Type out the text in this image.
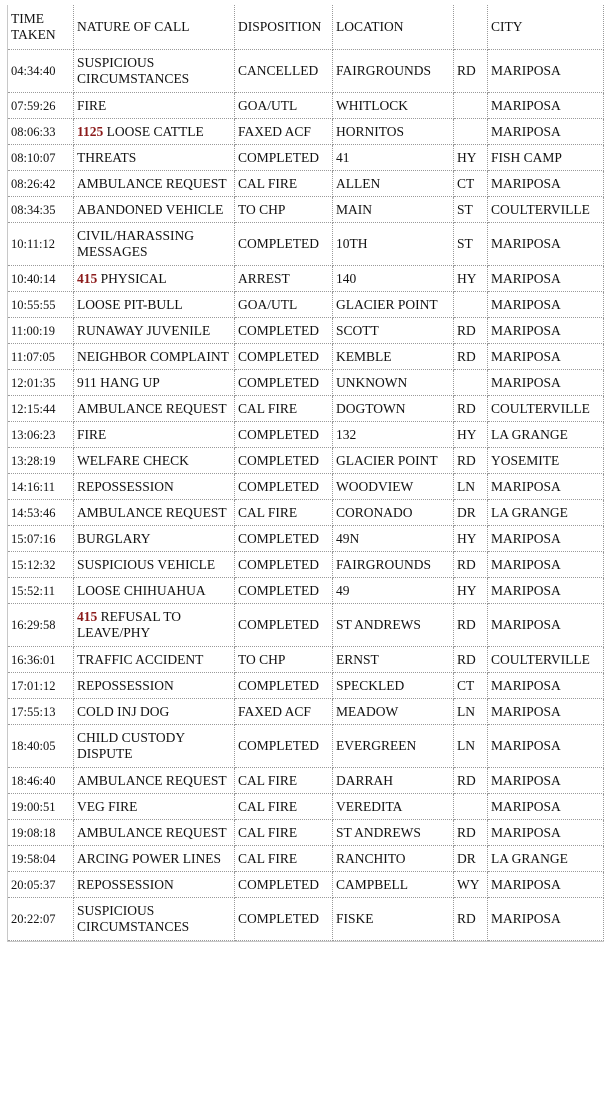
TIME TAKEN	NATURE OF CALL	DISPOSITION	LOCATION		CITY
04:34:40	SUSPICIOUS CIRCUMSTANCES	CANCELLED	FAIRGROUNDS	RD	MARIPOSA
07:59:26	FIRE	GOA/UTL	WHITLOCK		MARIPOSA
08:06:33	1125 LOOSE CATTLE	FAXED ACF	HORNITOS		MARIPOSA
08:10:07	THREATS	COMPLETED	41	HY	FISH CAMP
08:26:42	AMBULANCE REQUEST	CAL FIRE	ALLEN	CT	MARIPOSA
08:34:35	ABANDONED VEHICLE	TO CHP	MAIN	ST	COULTERVILLE
10:11:12	CIVIL/HARASSING MESSAGES	COMPLETED	10TH	ST	MARIPOSA
10:40:14	415 PHYSICAL	ARREST	140	HY	MARIPOSA
10:55:55	LOOSE PIT-BULL	GOA/UTL	GLACIER POINT		MARIPOSA
11:00:19	RUNAWAY JUVENILE	COMPLETED	SCOTT	RD	MARIPOSA
11:07:05	NEIGHBOR COMPLAINT	COMPLETED	KEMBLE	RD	MARIPOSA
12:01:35	911 HANG UP	COMPLETED	UNKNOWN		MARIPOSA
12:15:44	AMBULANCE REQUEST	CAL FIRE	DOGTOWN	RD	COULTERVILLE
13:06:23	FIRE	COMPLETED	132	HY	LA GRANGE
13:28:19	WELFARE CHECK	COMPLETED	GLACIER POINT	RD	YOSEMITE
14:16:11	REPOSSESSION	COMPLETED	WOODVIEW	LN	MARIPOSA
14:53:46	AMBULANCE REQUEST	CAL FIRE	CORONADO	DR	LA GRANGE
15:07:16	BURGLARY	COMPLETED	49N	HY	MARIPOSA
15:12:32	SUSPICIOUS VEHICLE	COMPLETED	FAIRGROUNDS	RD	MARIPOSA
15:52:11	LOOSE CHIHUAHUA	COMPLETED	49	HY	MARIPOSA
16:29:58	415 REFUSAL TO LEAVE/PHY	COMPLETED	ST ANDREWS	RD	MARIPOSA
16:36:01	TRAFFIC ACCIDENT	TO CHP	ERNST	RD	COULTERVILLE
17:01:12	REPOSSESSION	COMPLETED	SPECKLED	CT	MARIPOSA
17:55:13	COLD INJ DOG	FAXED ACF	MEADOW	LN	MARIPOSA
18:40:05	CHILD CUSTODY DISPUTE	COMPLETED	EVERGREEN	LN	MARIPOSA
18:46:40	AMBULANCE REQUEST	CAL FIRE	DARRAH	RD	MARIPOSA
19:00:51	VEG FIRE	CAL FIRE	VEREDITA		MARIPOSA
19:08:18	AMBULANCE REQUEST	CAL FIRE	ST ANDREWS	RD	MARIPOSA
19:58:04	ARCING POWER LINES	CAL FIRE	RANCHITO	DR	LA GRANGE
20:05:37	REPOSSESSION	COMPLETED	CAMPBELL	WY	MARIPOSA
20:22:07	SUSPICIOUS CIRCUMSTANCES	COMPLETED	FISKE	RD	MARIPOSA
